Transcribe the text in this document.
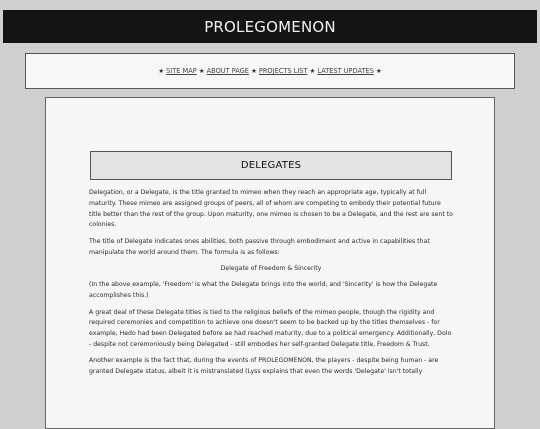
PROLEGOMENON
★ SITE MAP ★ ABOUT PAGE ★ PROJECTS LIST ★ LATEST UPDATES ★
DELEGATES

Delegation, or a Delegate, is the title granted to mimeo when they reach an appropriate age, typically at full maturity. These mimeo are assigned groups of peers, all of whom are competing to embody their potential future title better than the rest of the group. Upon maturity, one mimeo is chosen to be a Delegate, and the rest are sent to colonies.

The title of Delegate indicates ones abilities, both passive through embodiment and active in capabilities that manipulate the world around them. The formula is as follows:

Delegate of Freedom & Sincerity

(In the above example, 'Freedom' is what the Delegate brings into the world, and 'Sincerity' is how the Delegate accomplishes this.)

A great deal of these Delegate titles is tied to the religious beliefs of the mimeo people, though the rigidity and required ceremonies and competition to achieve one doesn't seem to be backed up by the titles themselves - for example, Hedo had been Delegated before ae had reached maturity, due to a political emergency. Additionally, Dolo - despite not ceremoniously being Delegated - still embodies her self-granted Delegate title, Freedom & Trust.

Another example is the fact that, during the events of PROLEGOMENON, the players - despite being human - are granted Delegate status, albeit it is mistranslated (Lyss explains that even the words 'Delegate' isn't totally
